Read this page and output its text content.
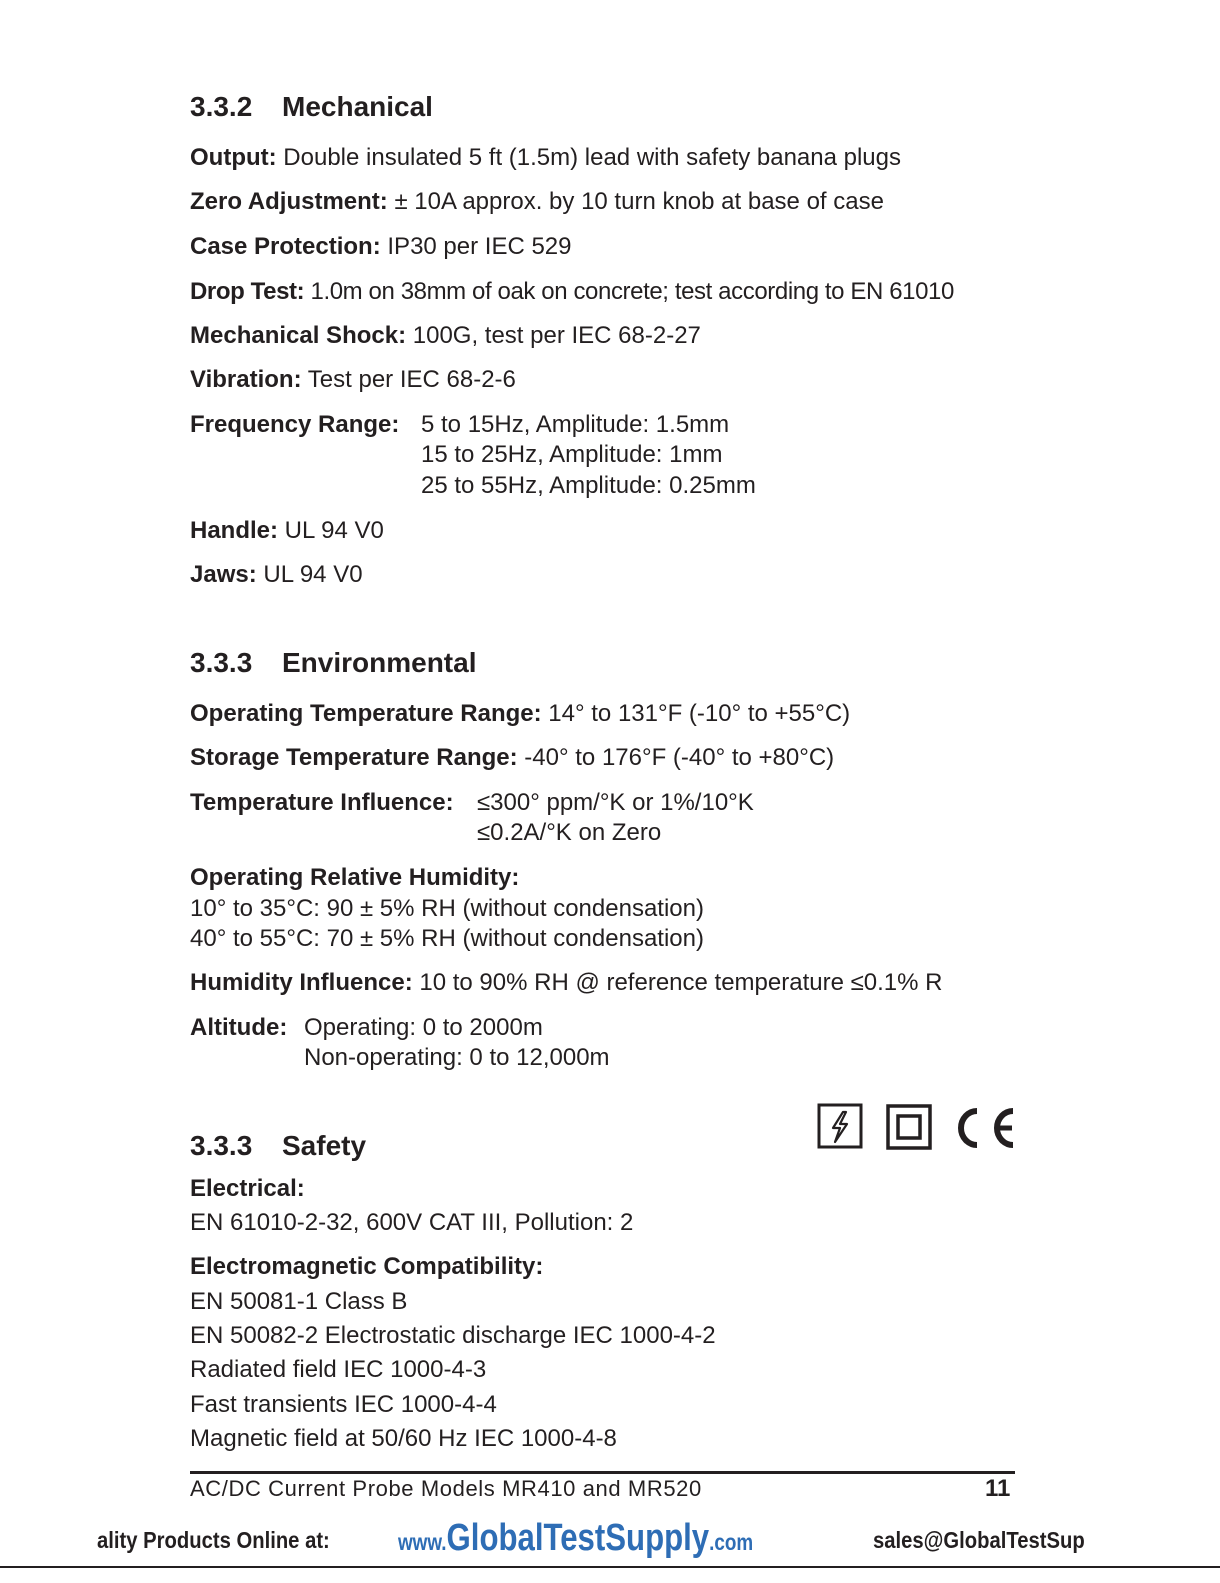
3.3.2 Mechanical
Output: Double insulated 5 ft (1.5m) lead with safety banana plugs
Zero Adjustment: ± 10A approx. by 10 turn knob at base of case
Case Protection: IP30 per IEC 529
Drop Test: 1.0m on 38mm of oak on concrete; test according to EN 61010
Mechanical Shock: 100G, test per IEC 68-2-27
Vibration: Test per IEC 68-2-6
Frequency Range: 5 to 15Hz, Amplitude: 1.5mm
15 to 25Hz, Amplitude: 1mm
25 to 55Hz, Amplitude: 0.25mm
Handle: UL 94 V0
Jaws: UL 94 V0
3.3.3 Environmental
Operating Temperature Range: 14° to 131°F (-10° to +55°C)
Storage Temperature Range: -40° to 176°F (-40° to +80°C)
Temperature Influence: ≤300° ppm/°K or 1%/10°K
≤0.2A/°K on Zero
Operating Relative Humidity:
10° to 35°C: 90 ± 5% RH (without condensation)
40° to 55°C: 70 ± 5% RH (without condensation)
Humidity Influence: 10 to 90% RH @ reference temperature ≤0.1% R
Altitude: Operating: 0 to 2000m
Non-operating: 0 to 12,000m
3.3.3 Safety
Electrical:
EN 61010-2-32, 600V CAT III, Pollution: 2
Electromagnetic Compatibility:
EN 50081-1 Class B
EN 50082-2 Electrostatic discharge IEC 1000-4-2
Radiated field IEC 1000-4-3
Fast transients IEC 1000-4-4
Magnetic field at 50/60 Hz IEC 1000-4-8
AC/DC Current Probe Models MR410 and MR520	11
ality Products Online at:	www.GlobalTestSupply.com	sales@GlobalTestSup
